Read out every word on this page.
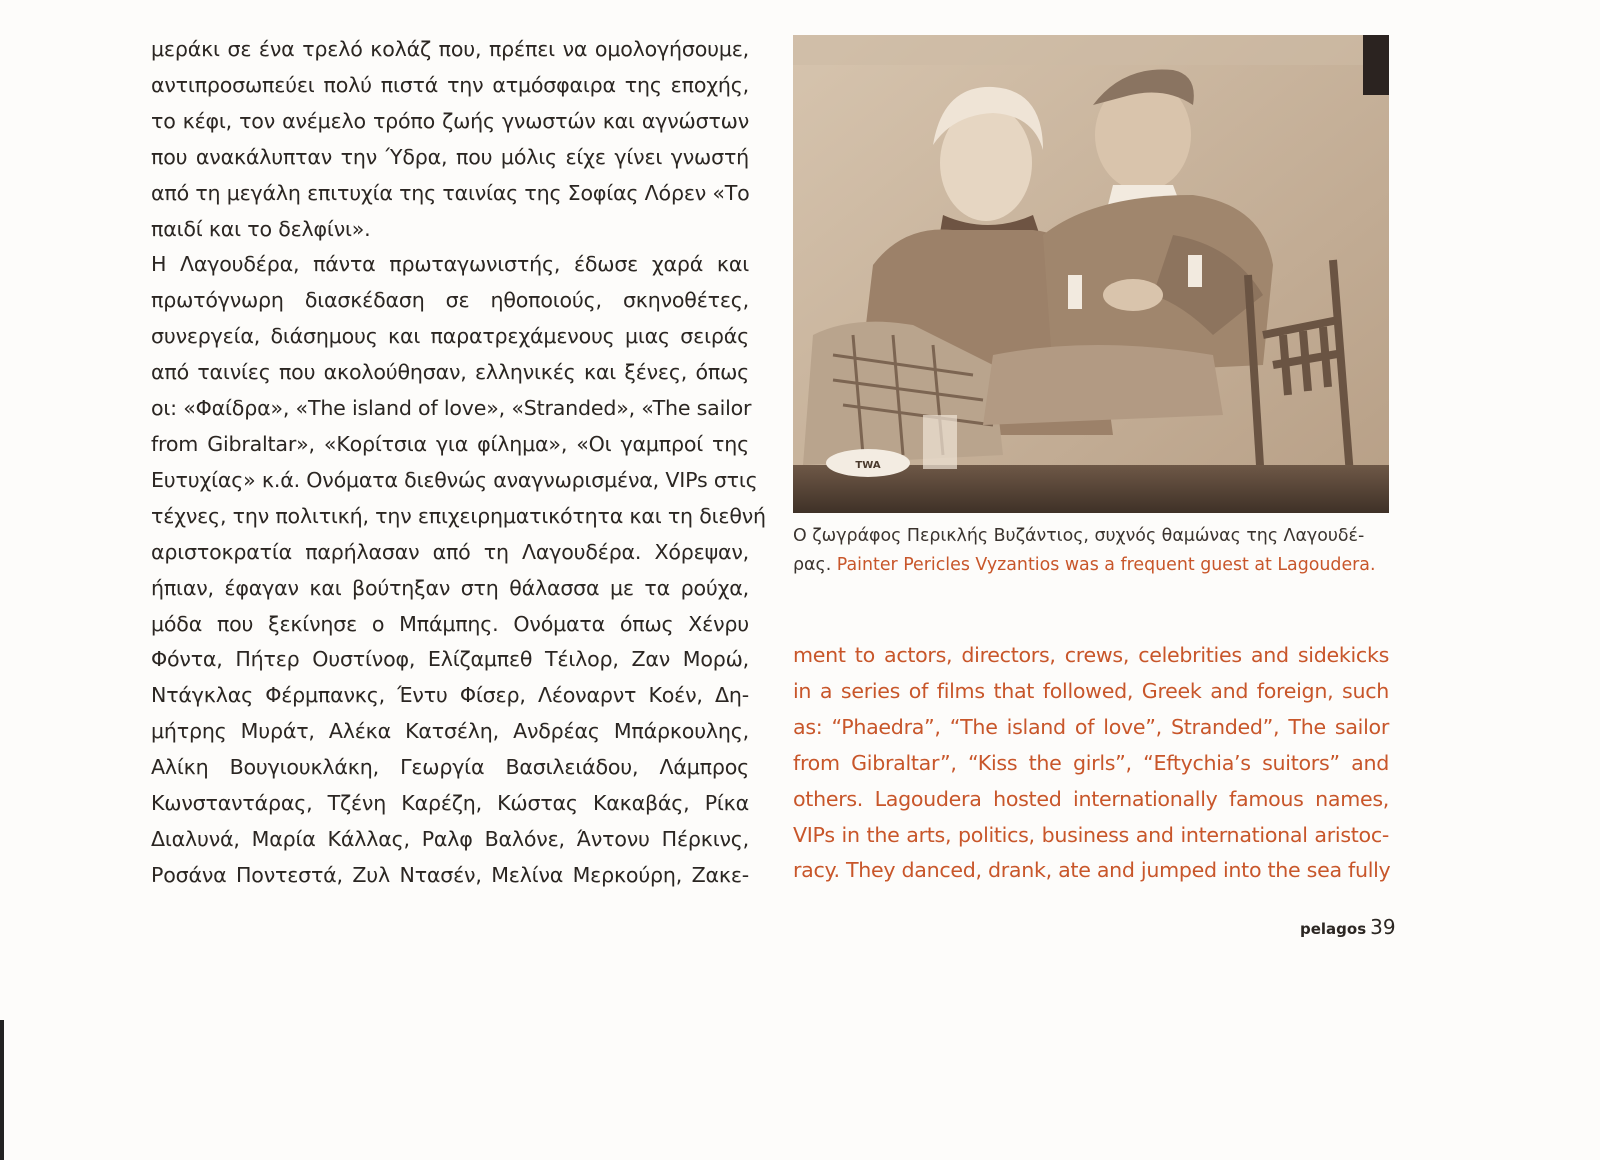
μεράκι σε ένα τρελό κολάζ που, πρέπει να ομολογήσουμε,
αντιπροσωπεύει πολύ πιστά την ατμόσφαιρα της εποχής,
το κέφι, τον ανέμελο τρόπο ζωής γνωστών και αγνώστων
που ανακάλυπταν την Ύδρα, που μόλις είχε γίνει γνωστή
από τη μεγάλη επιτυχία της ταινίας της Σοφίας Λόρεν «Το
παιδί και το δελφίνι».
Η Λαγουδέρα, πάντα πρωταγωνιστής, έδωσε χαρά και
πρωτόγνωρη διασκέδαση σε ηθοποιούς, σκηνοθέτες,
συνεργεία, διάσημους και παρατρεχάμενους μιας σειράς
από ταινίες που ακολούθησαν, ελληνικές και ξένες, όπως
οι: «Φαίδρα», «The island of love», «Stranded», «The sailor
from Gibraltar», «Κορίτσια για φίλημα», «Οι γαμπροί της
Ευτυχίας» κ.ά. Ονόματα διεθνώς αναγνωρισμένα, VIPs στις
τέχνες, την πολιτική, την επιχειρηματικότητα και τη διεθνή
αριστοκρατία παρήλασαν από τη Λαγουδέρα. Χόρεψαν,
ήπιαν, έφαγαν και βούτηξαν στη θάλασσα με τα ρούχα,
μόδα που ξεκίνησε ο Μπάμπης. Ονόματα όπως Χένρυ
Φόντα, Πήτερ Ουστίνοφ, Ελίζαμπεθ Τέιλορ, Ζαν Μορώ,
Ντάγκλας Φέρμπανκς, Έντυ Φίσερ, Λέοναρντ Κοέν, Δη-
μήτρης Μυράτ, Αλέκα Κατσέλη, Ανδρέας Μπάρκουλης,
Αλίκη Βουγιουκλάκη, Γεωργία Βασιλειάδου, Λάμπρος
Κωνσταντάρας, Τζένη Καρέζη, Κώστας Κακαβάς, Ρίκα
Διαλυνά, Μαρία Κάλλας, Ραλφ Βαλόνε, Άντονυ Πέρκινς,
Ροσάνα Ποντεστά, Ζυλ Ντασέν, Μελίνα Μερκούρη, Ζακε-
TWA
Ο ζωγράφος Περικλής Βυζάντιος, συχνός θαμώνας της Λαγουδέ-
ρας. Painter Pericles Vyzantios was a frequent guest at Lagoudera.
ment to actors, directors, crews, celebrities and sidekicks
in a series of films that followed, Greek and foreign, such
as: “Phaedra”, “The island of love”, Stranded”, The sailor
from Gibraltar”, “Kiss the girls”, “Eftychia’s suitors” and
others. Lagoudera hosted internationally famous names,
VIPs in the arts, politics, business and international aristoc-
racy. They danced, drank, ate and jumped into the sea fully
pelagos 39
